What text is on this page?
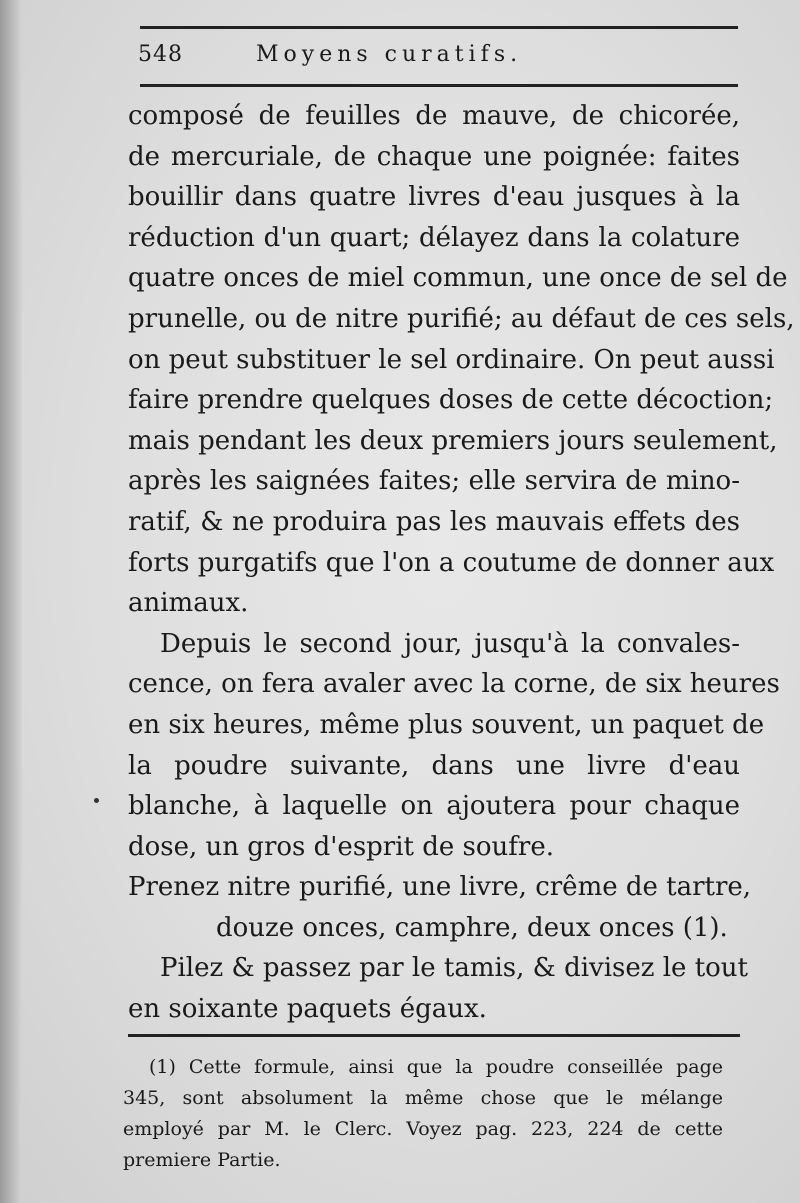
548	Moyens curatifs.
composé de feuilles de mauve, de chicorée,
de mercuriale, de chaque une poignée: faites
bouillir dans quatre livres d'eau jusques à la
réduction d'un quart; délayez dans la colature
quatre onces de miel commun, une once de sel de
prunelle, ou de nitre purifié; au défaut de ces sels,
on peut substituer le sel ordinaire. On peut aussi
faire prendre quelques doses de cette décoction;
mais pendant les deux premiers jours seulement,
après les saignées faites; elle servira de mino-
ratif, & ne produira pas les mauvais effets des
forts purgatifs que l'on a coutume de donner aux
animaux.
Depuis le second jour, jusqu'à la convales-
cence, on fera avaler avec la corne, de six heures
en six heures, même plus souvent, un paquet de
la poudre suivante, dans une livre d'eau
blanche, à laquelle on ajoutera pour chaque
dose, un gros d'esprit de soufre.
Prenez nitre purifié, une livre, crême de tartre,
douze onces, camphre, deux onces (1).
Pilez & passez par le tamis, & divisez le tout
en soixante paquets égaux.
(1) Cette formule, ainsi que la poudre conseillée page
345, sont absolument la même chose que le mélange
employé par M. le Clerc. Voyez pag. 223, 224 de cette
premiere Partie.
